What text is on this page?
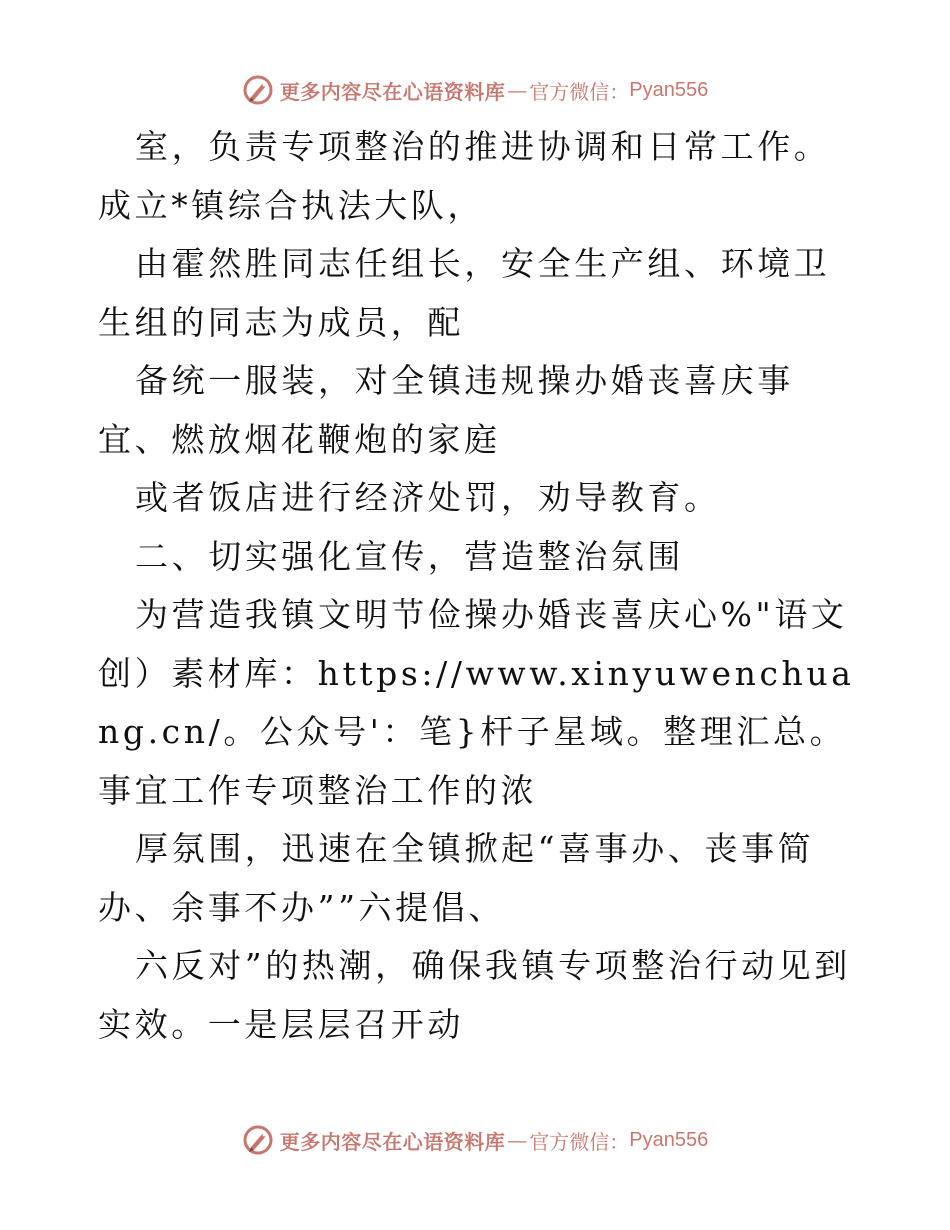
更多内容尽在心语资料库 — 官方微信： Pyan556

室，负责专项整治的推进协调和日常工作。成立*镇综合执法大队，

由霍然胜同志任组长，安全生产组、环境卫生组的同志为成员，配

备统一服装，对全镇违规操办婚丧喜庆事宜、燃放烟花鞭炮的家庭

或者饭店进行经济处罚，劝导教育。

二、切实强化宣传，营造整治氛围

为营造我镇文明节俭操办婚丧喜庆心%"语文创）素材库：https://www.xinyuwenchuang.cn/。公众号'：笔}杆子星域。整理汇总。事宜工作专项整治工作的浓

厚氛围，迅速在全镇掀起“喜事办、丧事简办、余事不办””六提倡、

六反对”的热潮，确保我镇专项整治行动见到实效。一是层层召开动

更多内容尽在心语资料库 — 官方微信： Pyan556
